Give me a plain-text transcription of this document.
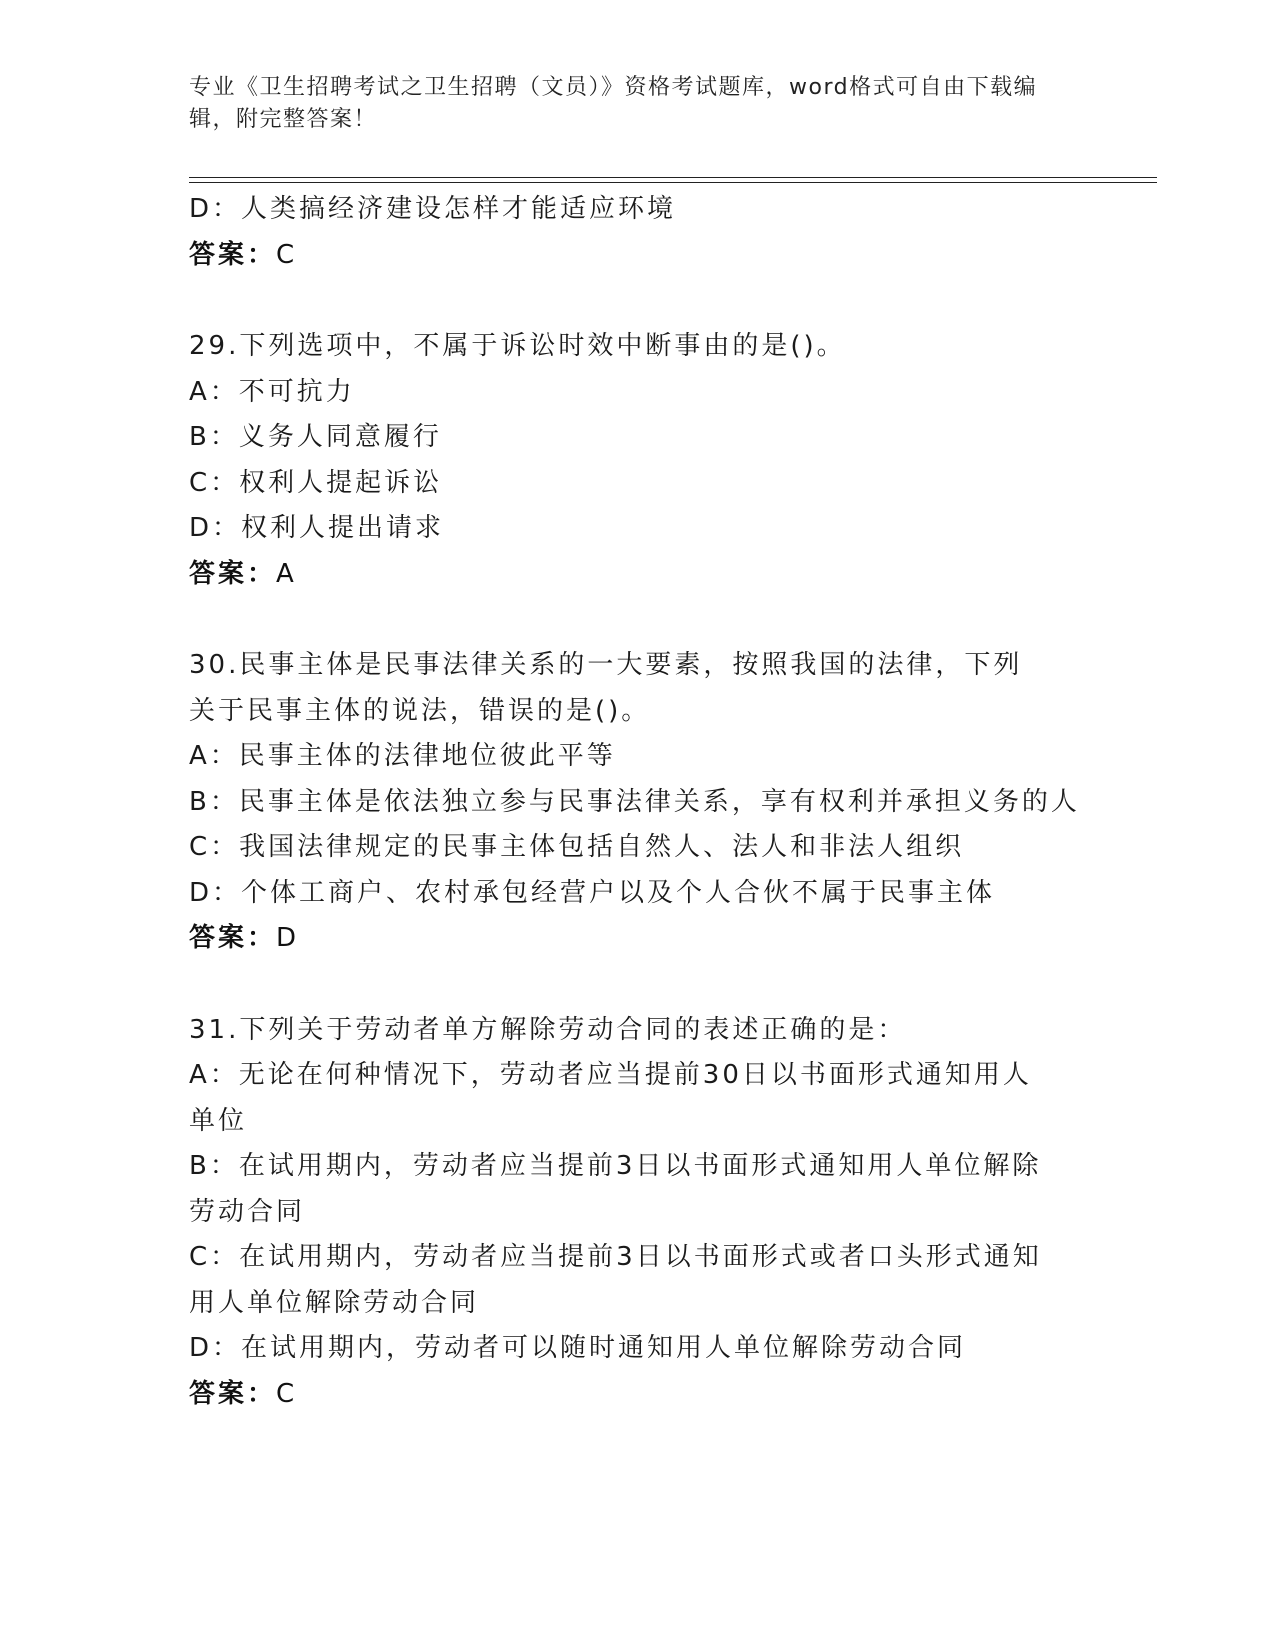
专业《卫生招聘考试之卫生招聘（文员）》资格考试题库，word格式可自由下载编辑，附完整答案！
D：人类搞经济建设怎样才能适应环境
答案：C
29.下列选项中，不属于诉讼时效中断事由的是()。
A：不可抗力
B：义务人同意履行
C：权利人提起诉讼
D：权利人提出请求
答案：A
30.民事主体是民事法律关系的一大要素，按照我国的法律，下列关于民事主体的说法，错误的是()。
A：民事主体的法律地位彼此平等
B：民事主体是依法独立参与民事法律关系，享有权利并承担义务的人
C：我国法律规定的民事主体包括自然人、法人和非法人组织
D：个体工商户、农村承包经营户以及个人合伙不属于民事主体
答案：D
31.下列关于劳动者单方解除劳动合同的表述正确的是：
A：无论在何种情况下，劳动者应当提前30日以书面形式通知用人单位
B：在试用期内，劳动者应当提前3日以书面形式通知用人单位解除劳动合同
C：在试用期内，劳动者应当提前3日以书面形式或者口头形式通知用人单位解除劳动合同
D：在试用期内，劳动者可以随时通知用人单位解除劳动合同
答案：C
